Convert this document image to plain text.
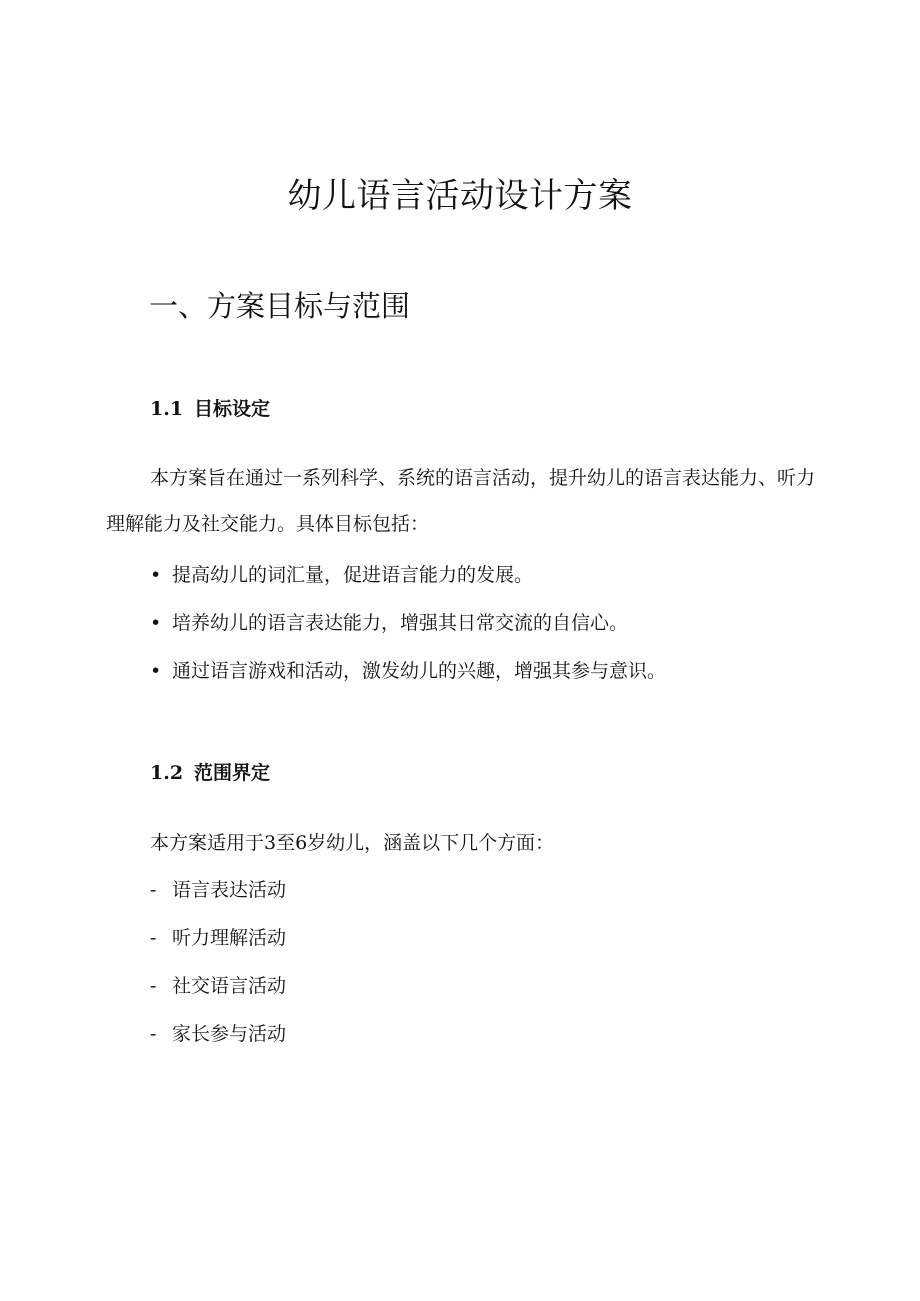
幼儿语言活动设计方案
一、方案目标与范围
1.1 目标设定

本方案旨在通过一系列科学、系统的语言活动，提升幼儿的语言表达能力、听力理解能力及社交能力。具体目标包括：

• 提高幼儿的词汇量，促进语言能力的发展。
• 培养幼儿的语言表达能力，增强其日常交流的自信心。
• 通过语言游戏和活动，激发幼儿的兴趣，增强其参与意识。
1.2 范围界定

本方案适用于3至6岁幼儿，涵盖以下几个方面：

- 语言表达活动
- 听力理解活动
- 社交语言活动
- 家长参与活动
